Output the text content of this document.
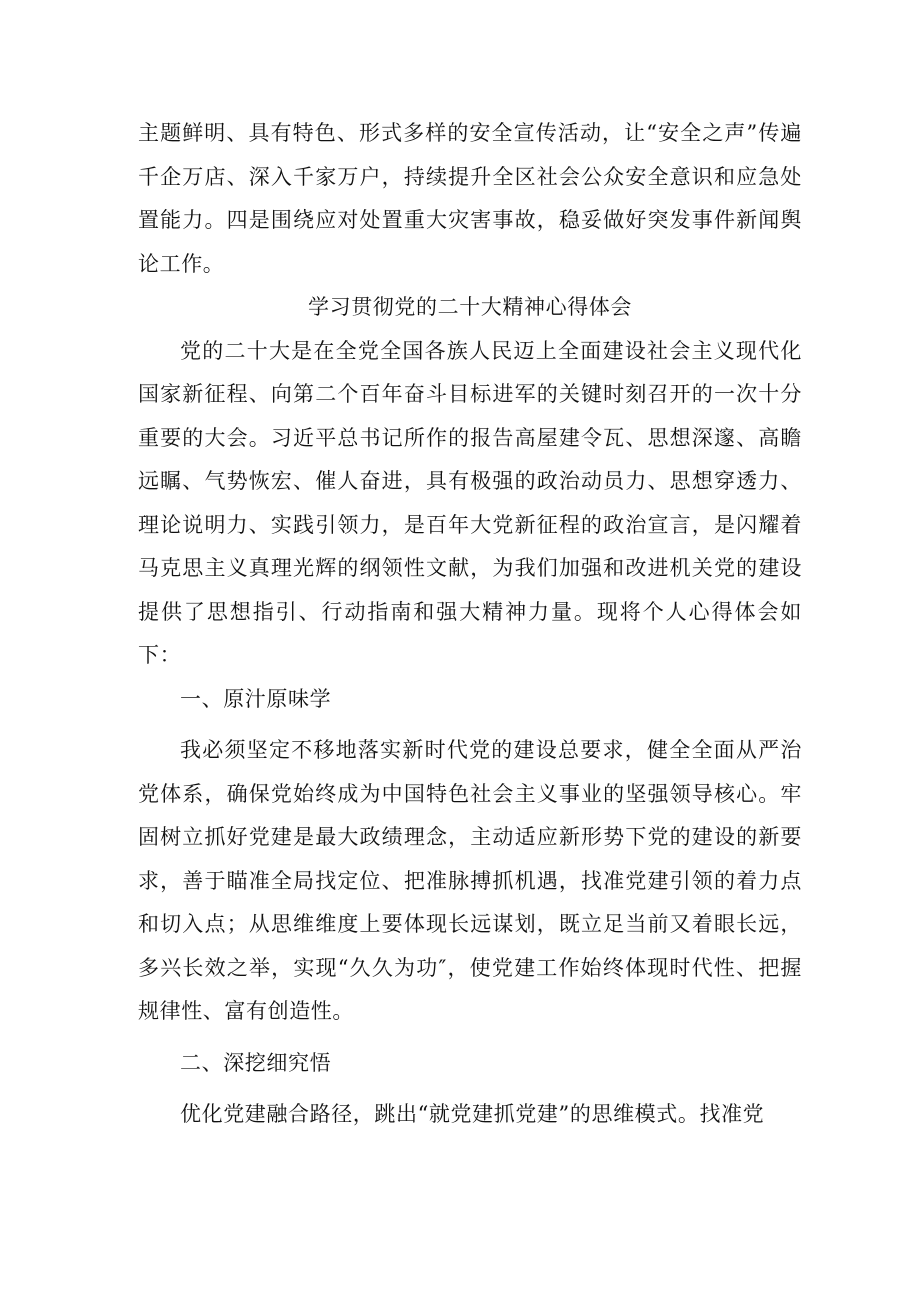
主题鲜明、具有特色、形式多样的安全宣传活动，让“安全之声”传遍千企万店、深入千家万户，持续提升全区社会公众安全意识和应急处置能力。四是围绕应对处置重大灾害事故，稳妥做好突发事件新闻舆论工作。

学习贯彻党的二十大精神心得体会

党的二十大是在全党全国各族人民迈上全面建设社会主义现代化国家新征程、向第二个百年奋斗目标进军的关键时刻召开的一次十分重要的大会。习近平总书记所作的报告高屋建令瓦、思想深邃、高瞻远瞩、气势恢宏、催人奋进，具有极强的政治动员力、思想穿透力、理论说明力、实践引领力，是百年大党新征程的政治宣言，是闪耀着马克思主义真理光辉的纲领性文献，为我们加强和改进机关党的建设提供了思想指引、行动指南和强大精神力量。现将个人心得体会如下：

一、原汁原味学

我必须坚定不移地落实新时代党的建设总要求，健全全面从严治党体系，确保党始终成为中国特色社会主义事业的坚强领导核心。牢固树立抓好党建是最大政绩理念，主动适应新形势下党的建设的新要求，善于瞄准全局找定位、把准脉搏抓机遇，找准党建引领的着力点和切入点；从思维维度上要体现长远谋划，既立足当前又着眼长远，多兴长效之举，实现“久久为功″，使党建工作始终体现时代性、把握规律性、富有创造性。

二、深挖细究悟

优化党建融合路径，跳出“就党建抓党建”的思维模式。找准党
